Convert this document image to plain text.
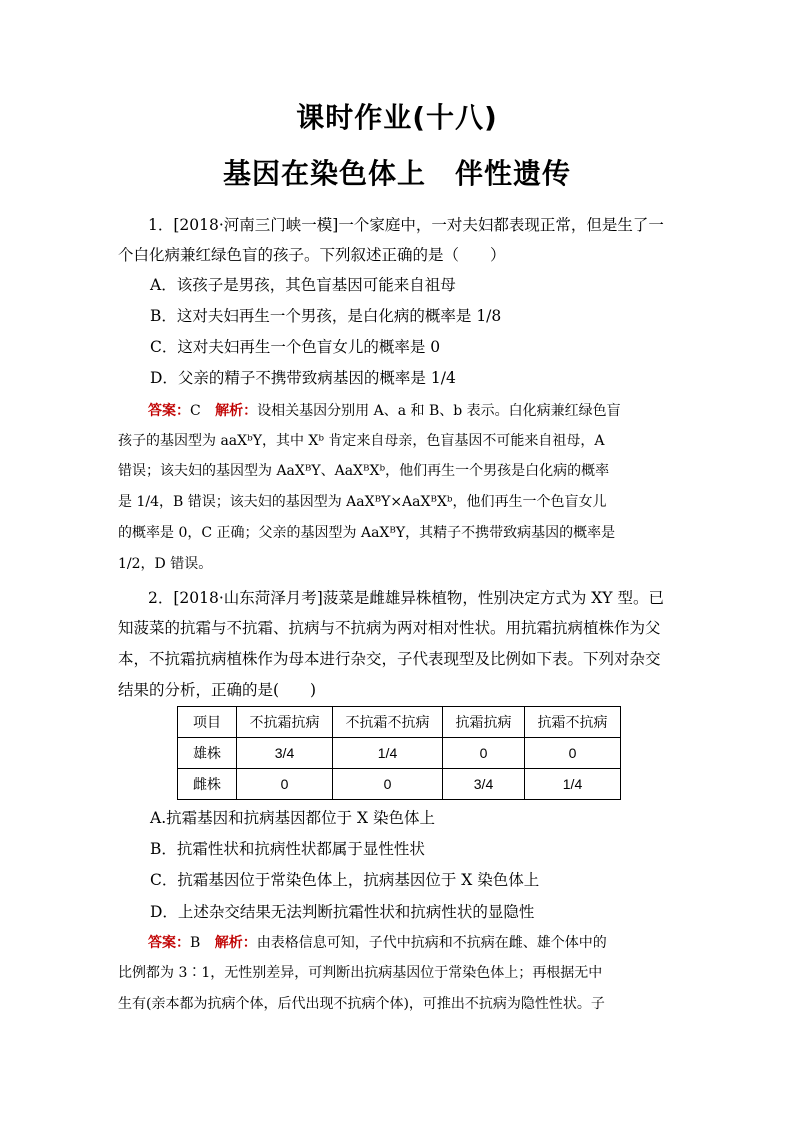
课时作业(十八)
基因在染色体上　伴性遗传
1．[2018·河南三门峡一模]一个家庭中，一对夫妇都表现正常，但是生了一
个白化病兼红绿色盲的孩子。下列叙述正确的是（　　）
A．该孩子是男孩，其色盲基因可能来自祖母
B．这对夫妇再生一个男孩，是白化病的概率是 1/8
C．这对夫妇再生一个色盲女儿的概率是 0
D．父亲的精子不携带致病基因的概率是 1/4
答案：C 解析：设相关基因分别用 A、a 和 B、b 表示。白化病兼红绿色盲
孩子的基因型为 aaXᵇY，其中 Xᵇ 肯定来自母亲，色盲基因不可能来自祖母，A
错误；该夫妇的基因型为 AaXᴮY、AaXᴮXᵇ，他们再生一个男孩是白化病的概率
是 1/4，B 错误；该夫妇的基因型为 AaXᴮY×AaXᴮXᵇ，他们再生一个色盲女儿
的概率是 0，C 正确；父亲的基因型为 AaXᴮY，其精子不携带致病基因的概率是
1/2，D 错误。
2．[2018·山东菏泽月考]菠菜是雌雄异株植物，性别决定方式为 XY 型。已
知菠菜的抗霜与不抗霜、抗病与不抗病为两对相对性状。用抗霜抗病植株作为父
本，不抗霜抗病植株作为母本进行杂交，子代表现型及比例如下表。下列对杂交
结果的分析，正确的是(　　)
项目	不抗霜抗病	不抗霜不抗病	抗霜抗病	抗霜不抗病
雄株	3/4	1/4	0	0
雌株	0	0	3/4	1/4
A.抗霜基因和抗病基因都位于 X 染色体上
B．抗霜性状和抗病性状都属于显性性状
C．抗霜基因位于常染色体上，抗病基因位于 X 染色体上
D．上述杂交结果无法判断抗霜性状和抗病性状的显隐性
答案：B 解析：由表格信息可知，子代中抗病和不抗病在雌、雄个体中的
比例都为 3∶1，无性别差异，可判断出抗病基因位于常染色体上；再根据无中
生有(亲本都为抗病个体，后代出现不抗病个体)，可推出不抗病为隐性性状。子
